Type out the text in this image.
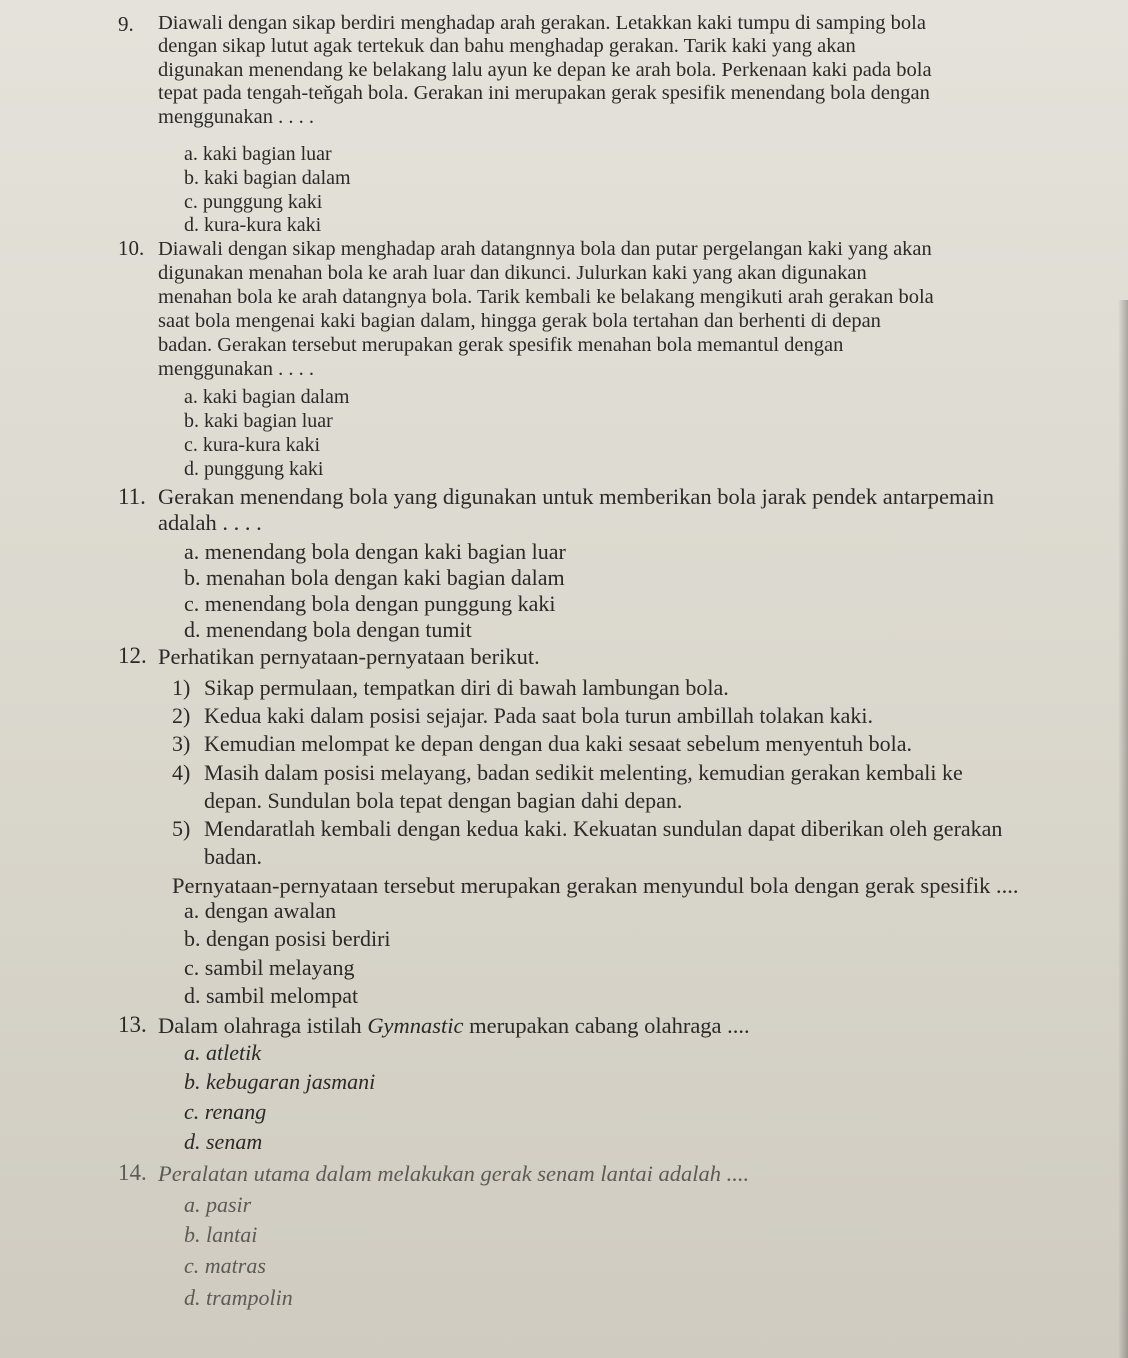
9. Diawali dengan sikap berdiri menghadap arah gerakan. Letakkan kaki tumpu di samping bola
dengan sikap lutut agak tertekuk dan bahu menghadap gerakan. Tarik kaki yang akan
digunakan menendang ke belakang lalu ayun ke depan ke arah bola. Perkenaan kaki pada bola
tepat pada tengah-teňgah bola. Gerakan ini merupakan gerak spesifik menendang bola dengan
menggunakan . . . .
a. kaki bagian luar
b. kaki bagian dalam
c. punggung kaki
d. kura-kura kaki
10. Diawali dengan sikap menghadap arah datangnnya bola dan putar pergelangan kaki yang akan
digunakan menahan bola ke arah luar dan dikunci. Julurkan kaki yang akan digunakan
menahan bola ke arah datangnya bola. Tarik kembali ke belakang mengikuti arah gerakan bola
saat bola mengenai kaki bagian dalam, hingga gerak bola tertahan dan berhenti di depan
badan. Gerakan tersebut merupakan gerak spesifik menahan bola memantul dengan
menggunakan . . . .
a. kaki bagian dalam
b. kaki bagian luar
c. kura-kura kaki
d. punggung kaki
11. Gerakan menendang bola yang digunakan untuk memberikan bola jarak pendek antarpemain
adalah . . . .
a. menendang bola dengan kaki bagian luar
b. menahan bola dengan kaki bagian dalam
c. menendang bola dengan punggung kaki
d. menendang bola dengan tumit
12. Perhatikan pernyataan-pernyataan berikut.
1) Sikap permulaan, tempatkan diri di bawah lambungan bola.
2) Kedua kaki dalam posisi sejajar. Pada saat bola turun ambillah tolakan kaki.
3) Kemudian melompat ke depan dengan dua kaki sesaat sebelum menyentuh bola.
4) Masih dalam posisi melayang, badan sedikit melenting, kemudian gerakan kembali ke
depan. Sundulan bola tepat dengan bagian dahi depan.
5) Mendaratlah kembali dengan kedua kaki. Kekuatan sundulan dapat diberikan oleh gerakan
badan.
Pernyataan-pernyataan tersebut merupakan gerakan menyundul bola dengan gerak spesifik ....
a. dengan awalan
b. dengan posisi berdiri
c. sambil melayang
d. sambil melompat
13. Dalam olahraga istilah Gymnastic merupakan cabang olahraga ....
a. atletik
b. kebugaran jasmani
c. renang
d. senam
14. Peralatan utama dalam melakukan gerak senam lantai adalah ....
a. pasir
b. lantai
c. matras
d. trampolin
